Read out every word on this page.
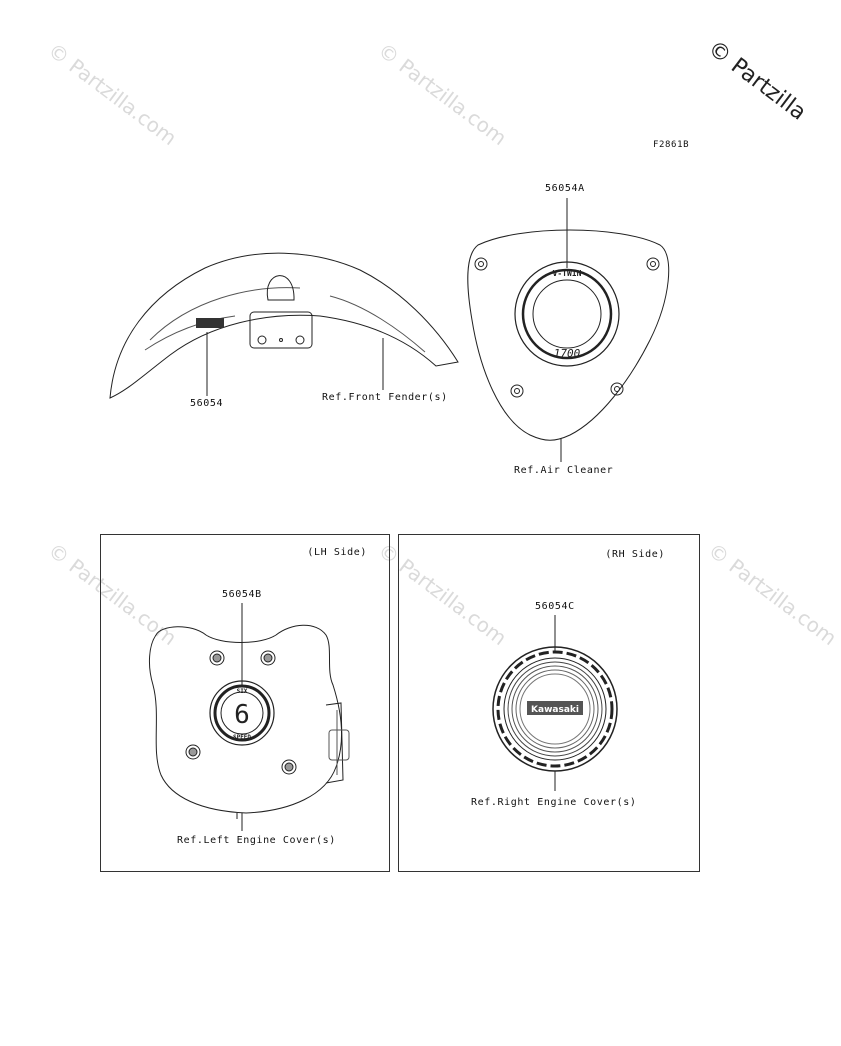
© Partzilla.com	© Partzilla.com	© Partzilla
© Partzilla.com	© Partzilla.com	© Partzilla.com
F2861B
V-TWIN
1700
56054
Ref.Front Fender(s)
56054A
Ref.Air Cleaner
(LH Side)
56054B
Ref.Left Engine Cover(s)
6
SIX
SPEED
(RH Side)
56054C
Ref.Right Engine Cover(s)
Kawasaki
